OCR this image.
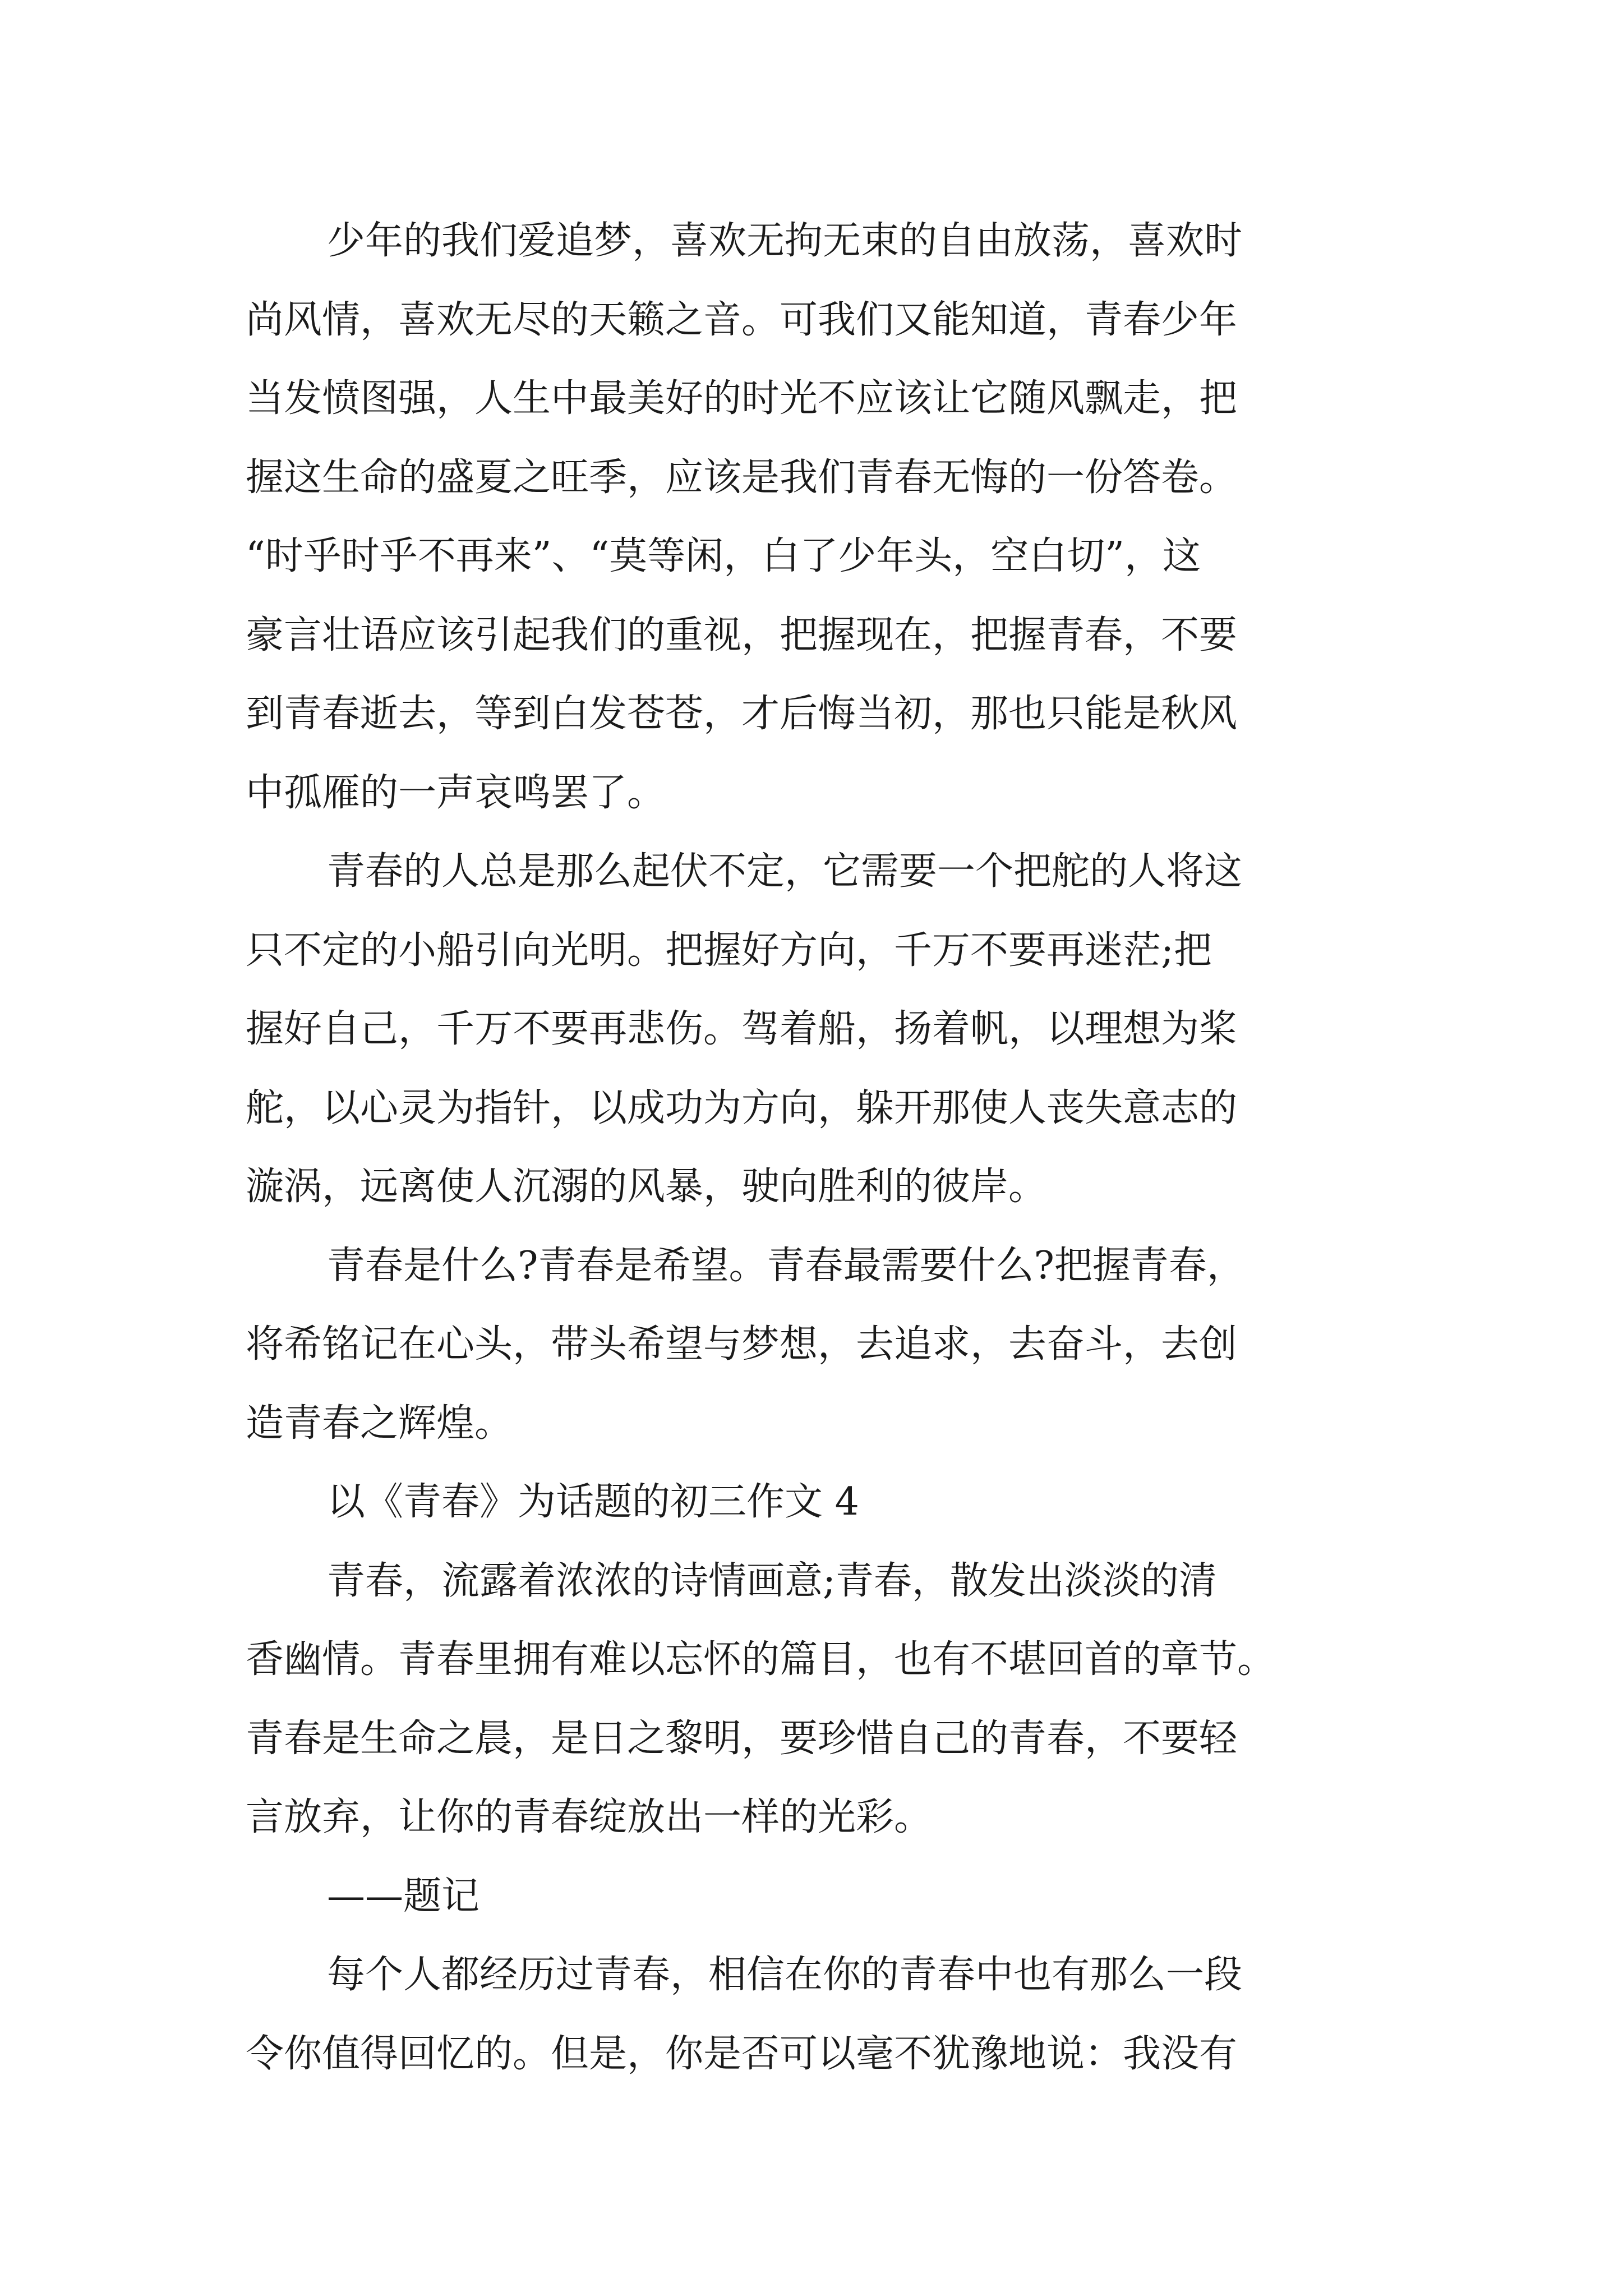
少年的我们爱追梦，喜欢无拘无束的自由放荡，喜欢时
尚风情，喜欢无尽的天籁之音。可我们又能知道，青春少年
当发愤图强，人生中最美好的时光不应该让它随风飘走，把
握这生命的盛夏之旺季，应该是我们青春无悔的一份答卷。
“时乎时乎不再来”、“莫等闲，白了少年头，空白切”，这
豪言壮语应该引起我们的重视，把握现在，把握青春，不要
到青春逝去，等到白发苍苍，才后悔当初，那也只能是秋风
中孤雁的一声哀鸣罢了。
青春的人总是那么起伏不定，它需要一个把舵的人将这
只不定的小船引向光明。把握好方向，千万不要再迷茫;把
握好自己，千万不要再悲伤。驾着船，扬着帆，以理想为桨
舵，以心灵为指针，以成功为方向，躲开那使人丧失意志的
漩涡，远离使人沉溺的风暴，驶向胜利的彼岸。
青春是什么?青春是希望。青春最需要什么?把握青春，
将希铭记在心头，带头希望与梦想，去追求，去奋斗，去创
造青春之辉煌。
以《青春》为话题的初三作文 4
青春，流露着浓浓的诗情画意;青春，散发出淡淡的清
香幽情。青春里拥有难以忘怀的篇目，也有不堪回首的章节。
青春是生命之晨，是日之黎明，要珍惜自己的青春，不要轻
言放弃，让你的青春绽放出一样的光彩。
——题记
每个人都经历过青春，相信在你的青春中也有那么一段
令你值得回忆的。但是，你是否可以毫不犹豫地说：我没有
